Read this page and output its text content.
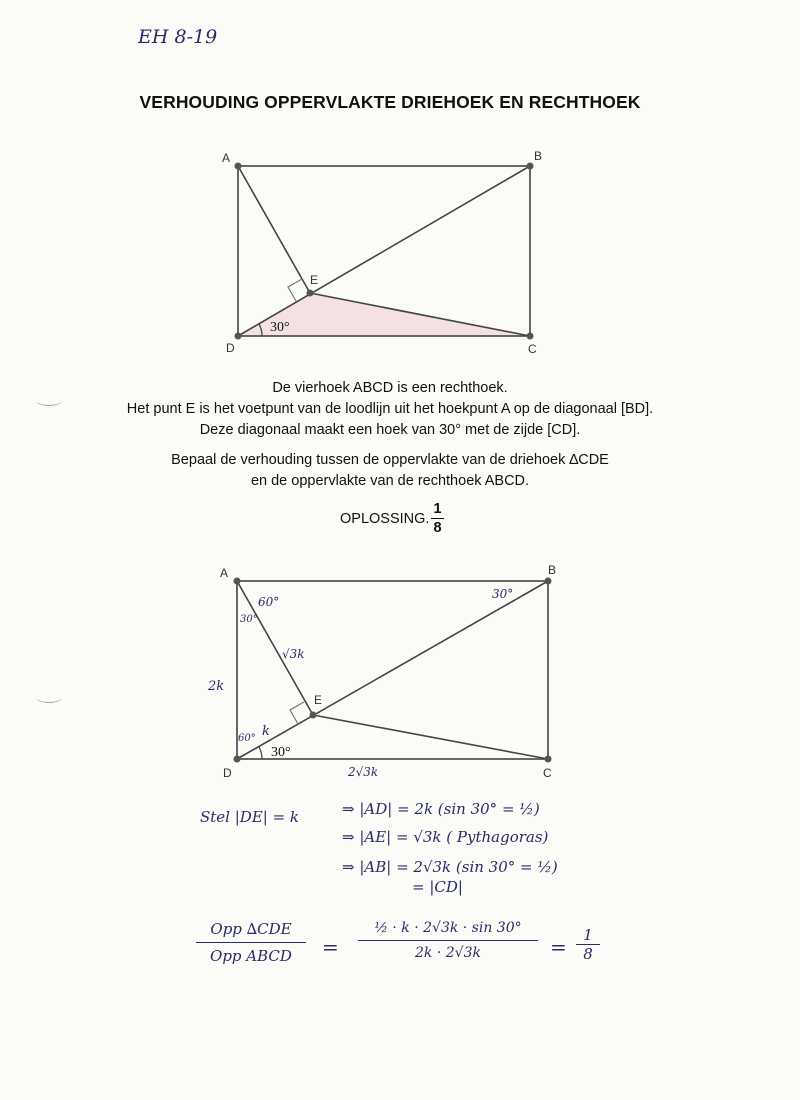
EH 8-19
VERHOUDING OPPERVLAKTE DRIEHOEK EN RECHTHOEK
A	B
C
D
E
30°
A	B
C
D
E
30°
60°
30°
30°
√3k
2k
k
60°
2√3k
De vierhoek ABCD is een rechthoek.
Het punt E is het voetpunt van de loodlijn uit het hoekpunt A op de diagonaal [BD].
Deze diagonaal maakt een hoek van 30° met de zijde [CD].
Bepaal de verhouding tussen de oppervlakte van de driehoek ∆CDE
en de oppervlakte van de rechthoek ABCD.
OPLOSSING. $\frac{1}{8}$
Stel |DE| = k	⇒ |AD| = 2k (sin 30° = ½)
⇒ |AE| = √3k ( Pythagoras)
⇒ |AB| = 2√3k (sin 30° = ½)
= |CD|
Opp ∆CDE
Opp ABCD	= $\frac{\text{½ · k · 2√3k · sin 30°}}{2k \cdot 2√3k} = \frac{1}{8}$
